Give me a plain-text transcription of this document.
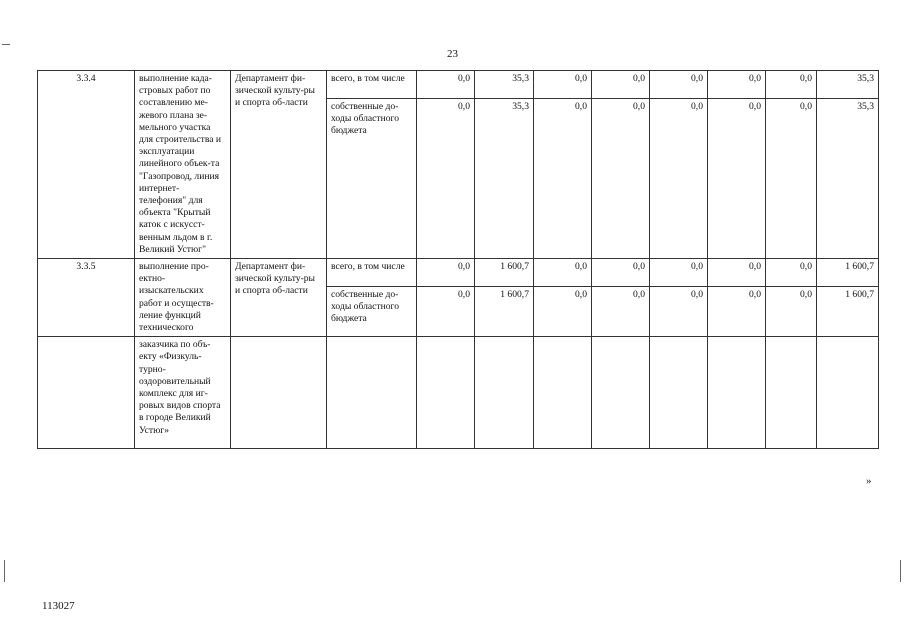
23
3.3.4	выполнение када-стровых работ по составлению ме-жевого плана зе-мельного участка для строительства и эксплуатации линейного объек-та "Газопровод, линия интернет-телефония" для объекта "Крытый каток с искусст-венным льдом в г. Великий Устюг"	Департамент фи-зической культу-ры и спорта об-ласти	всего, в том числе	0,0	35,3	0,0	0,0	0,0	0,0	0,0	35,3
			собственные до-ходы областного бюджета	0,0	35,3	0,0	0,0	0,0	0,0	0,0	35,3
3.3.5	выполнение про-ектно-изыскательских работ и осуществ-ление функций технического	Департамент фи-зической культу-ры и спорта об-ласти	всего, в том числе	0,0	1 600,7	0,0	0,0	0,0	0,0	0,0	1 600,7
			собственные до-ходы областного бюджета	0,0	1 600,7	0,0	0,0	0,0	0,0	0,0	1 600,7
	заказчика по объ-екту «Физкуль-турно-оздоровительный комплекс для иг-ровых видов спорта в городе Великий Устюг»										
»
113027
